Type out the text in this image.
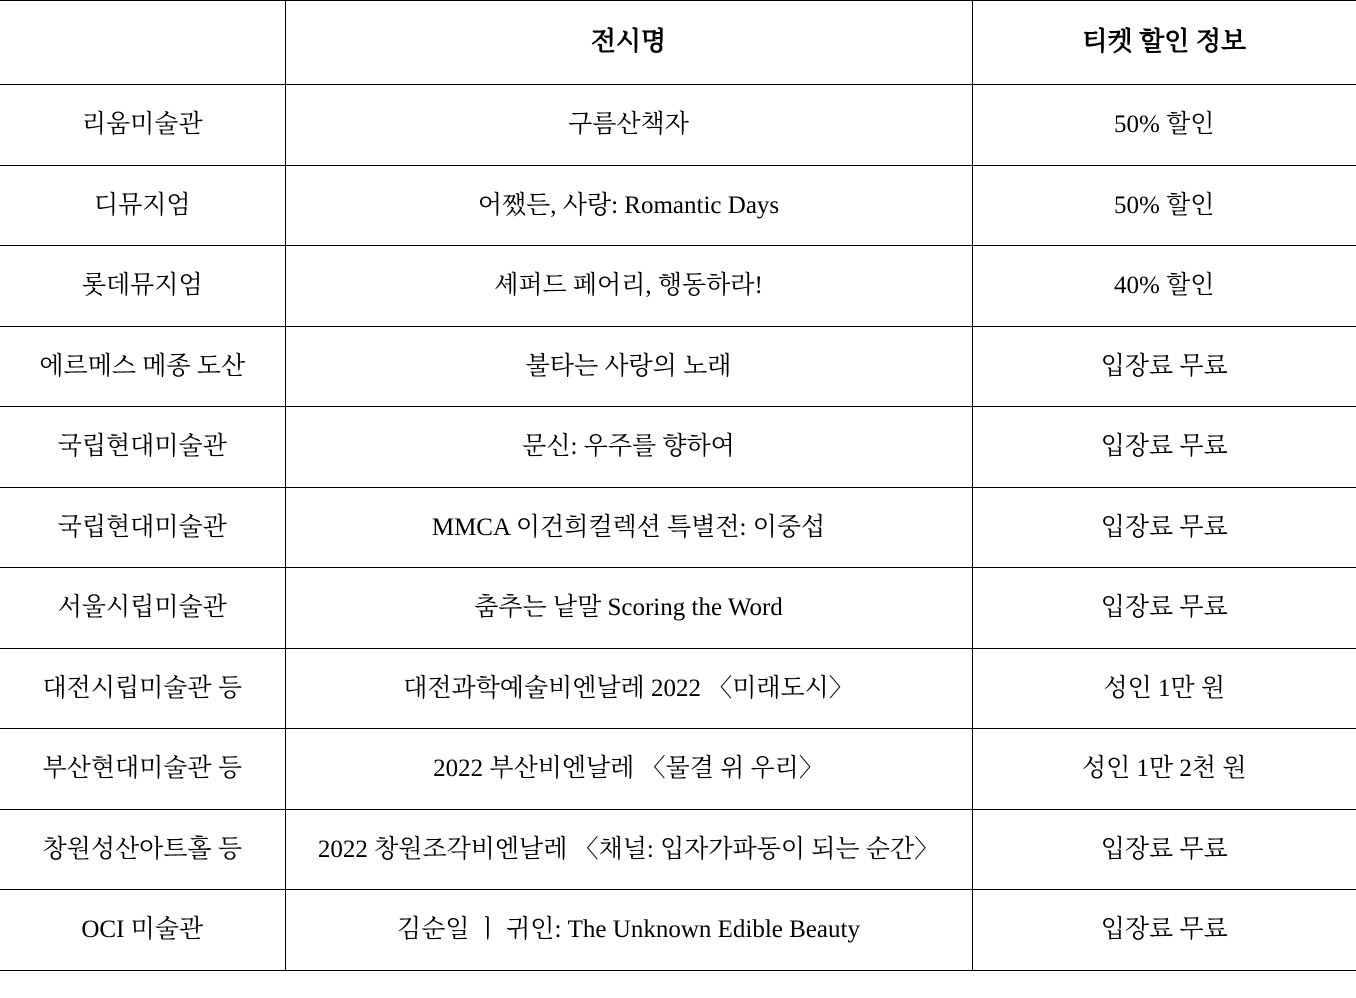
	전시명	티켓 할인 정보
리움미술관	구름산책자	50% 할인
디뮤지엄	어쨌든, 사랑: Romantic Days	50% 할인
롯데뮤지엄	셰퍼드 페어리, 행동하라!	40% 할인
에르메스 메종 도산	불타는 사랑의 노래	입장료 무료
국립현대미술관	문신: 우주를 향하여	입장료 무료
국립현대미술관	MMCA 이건희컬렉션 특별전: 이중섭	입장료 무료
서울시립미술관	춤추는 낱말 Scoring the Word	입장료 무료
대전시립미술관 등	대전과학예술비엔날레 2022 〈미래도시〉	성인 1만 원
부산현대미술관 등	2022 부산비엔날레 〈물결 위 우리〉	성인 1만 2천 원
창원성산아트홀 등	2022 창원조각비엔날레 〈채널: 입자가파동이 되는 순간〉	입장료 무료
OCI 미술관	김순일 ㅣ 귀인: The Unknown Edible Beauty	입장료 무료
